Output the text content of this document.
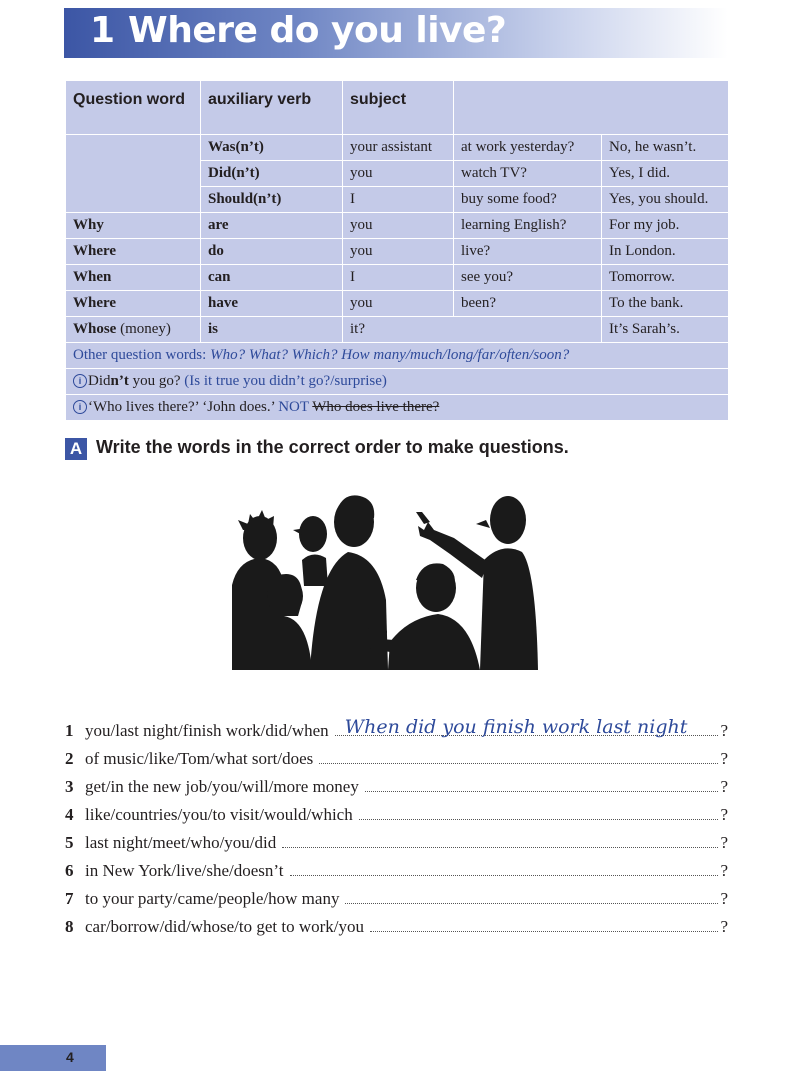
1 Where do you live?
Question word	auxiliary verb	subject		
	Was(n’t)	your assistant	at work yesterday?	No, he wasn’t.
	Did(n’t)	you	watch TV?	Yes, I did.
	Should(n’t)	I	buy some food?	Yes, you should.
Why	are	you	learning English?	For my job.
Where	do	you	live?	In London.
When	can	I	see you?	Tomorrow.
Where	have	you	been?	To the bank.
Whose (money)	is	it?		It’s Sarah’s.
Other question words: Who? What? Which? How many/much/long/far/often/soon?				
i Didn’t you go? (Is it true you didn’t go?/surprise)				
i ‘Who lives there?’ ‘John does.’ NOT Who does live there?				
A Write the words in the correct order to make questions.
1 you/last night/finish work/did/when When did you finish work last night ?
2 of music/like/Tom/what sort/does	?
3 get/in the new job/you/will/more money	?
4 like/countries/you/to visit/would/which	?
5 last night/meet/who/you/did	?
6 in New York/live/she/doesn’t	?
7 to your party/came/people/how many	?
8 car/borrow/did/whose/to get to work/you	?
4
